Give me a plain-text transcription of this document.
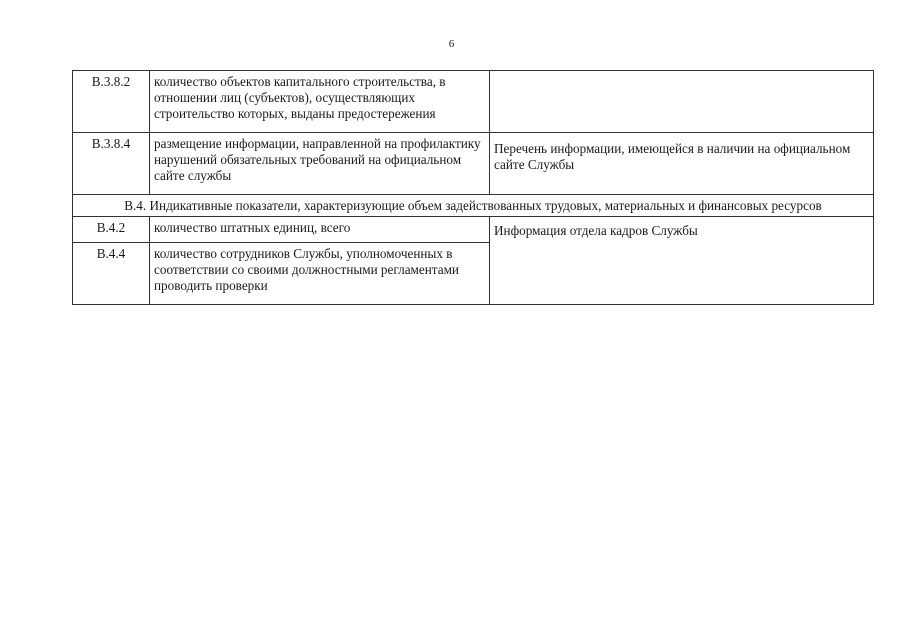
6
В.3.8.2	количество объектов капитального строительства, в отношении лиц (субъектов), осуществляющих строительство которых, выданы предостережения	
В.3.8.4	размещение информации, направленной на профилактику нарушений обязательных требований на официальном сайте службы	Перечень информации, имеющейся в наличии на официальном сайте Службы
В.4. Индикативные показатели, характеризующие объем задействованных трудовых, материальных и финансовых ресурсов		
В.4.2	количество штатных единиц, всего	Информация отдела кадров Службы
В.4.4	количество сотрудников Службы, уполномоченных в соответствии со своими должностными регламентами проводить проверки	
